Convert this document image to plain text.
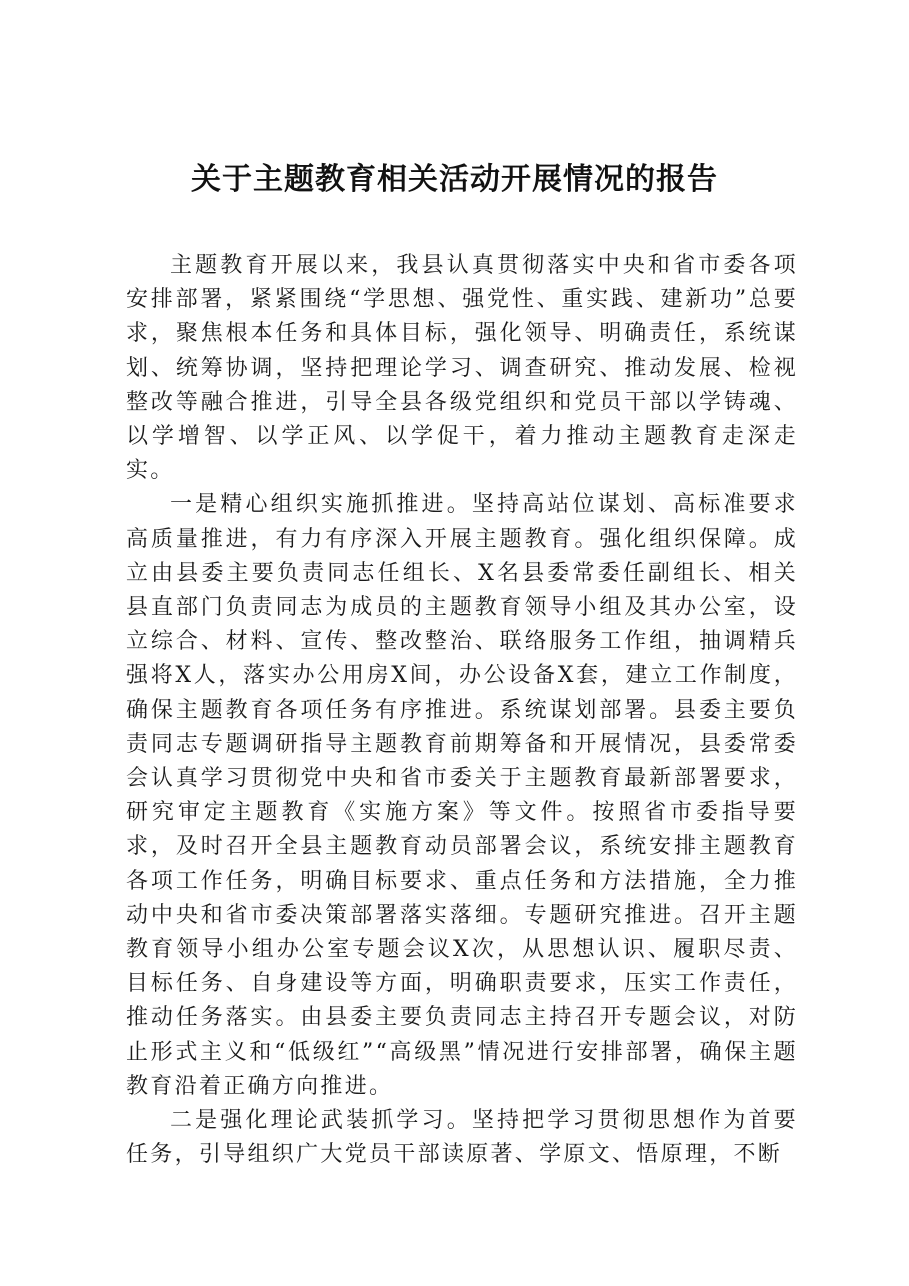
关于主题教育相关活动开展情况的报告

主题教育开展以来，我县认真贯彻落实中央和省市委各项安排部署，紧紧围绕“学思想、强党性、重实践、建新功”总要求，聚焦根本任务和具体目标，强化领导、明确责任，系统谋划、统筹协调，坚持把理论学习、调查研究、推动发展、检视整改等融合推进，引导全县各级党组织和党员干部以学铸魂、以学增智、以学正风、以学促干，着力推动主题教育走深走实。

一是精心组织实施抓推进。坚持高站位谋划、高标准要求高质量推进，有力有序深入开展主题教育。强化组织保障。成立由县委主要负责同志任组长、X名县委常委任副组长、相关县直部门负责同志为成员的主题教育领导小组及其办公室，设立综合、材料、宣传、整改整治、联络服务工作组，抽调精兵强将X人，落实办公用房X间，办公设备X套，建立工作制度，确保主题教育各项任务有序推进。系统谋划部署。县委主要负责同志专题调研指导主题教育前期筹备和开展情况，县委常委会认真学习贯彻党中央和省市委关于主题教育最新部署要求，研究审定主题教育《实施方案》等文件。按照省市委指导要求，及时召开全县主题教育动员部署会议，系统安排主题教育各项工作任务，明确目标要求、重点任务和方法措施，全力推动中央和省市委决策部署落实落细。专题研究推进。召开主题教育领导小组办公室专题会议X次，从思想认识、履职尽责、目标任务、自身建设等方面，明确职责要求，压实工作责任，推动任务落实。由县委主要负责同志主持召开专题会议，对防止形式主义和“低级红”“高级黑”情况进行安排部署，确保主题教育沿着正确方向推进。

二是强化理论武装抓学习。坚持把学习贯彻思想作为首要任务，引导组织广大党员干部读原著、学原文、悟原理，不断
